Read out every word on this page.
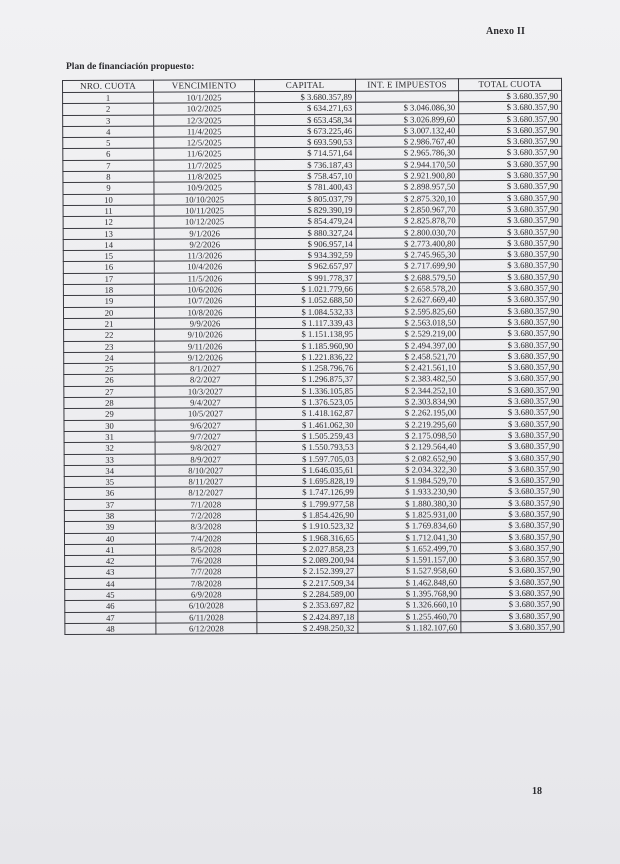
Anexo II
Plan de financiación propuesto:
NRO. CUOTA	VENCIMIENTO	CAPITAL	INT. E IMPUESTOS	TOTAL CUOTA
1	10/1/2025	$ 3.680.357,89		$ 3.680.357,90
2	10/2/2025	$ 634.271,63	$ 3.046.086,30	$ 3.680.357,90
3	12/3/2025	$ 653.458,34	$ 3.026.899,60	$ 3.680.357,90
4	11/4/2025	$ 673.225,46	$ 3.007.132,40	$ 3.680.357,90
5	12/5/2025	$ 693.590,53	$ 2.986.767,40	$ 3.680.357,90
6	11/6/2025	$ 714.571,64	$ 2.965.786,30	$ 3.680.357,90
7	11/7/2025	$ 736.187,43	$ 2.944.170,50	$ 3.680.357,90
8	11/8/2025	$ 758.457,10	$ 2.921.900,80	$ 3.680.357,90
9	10/9/2025	$ 781.400,43	$ 2.898.957,50	$ 3.680.357,90
10	10/10/2025	$ 805.037,79	$ 2.875.320,10	$ 3.680.357,90
11	10/11/2025	$ 829.390,19	$ 2.850.967,70	$ 3.680.357,90
12	10/12/2025	$ 854.479,24	$ 2.825.878,70	$ 3.680.357,90
13	9/1/2026	$ 880.327,24	$ 2.800.030,70	$ 3.680.357,90
14	9/2/2026	$ 906.957,14	$ 2.773.400,80	$ 3.680.357,90
15	11/3/2026	$ 934.392,59	$ 2.745.965,30	$ 3.680.357,90
16	10/4/2026	$ 962.657,97	$ 2.717.699,90	$ 3.680.357,90
17	11/5/2026	$ 991.778,37	$ 2.688.579,50	$ 3.680.357,90
18	10/6/2026	$ 1.021.779,66	$ 2.658.578,20	$ 3.680.357,90
19	10/7/2026	$ 1.052.688,50	$ 2.627.669,40	$ 3.680.357,90
20	10/8/2026	$ 1.084.532,33	$ 2.595.825,60	$ 3.680.357,90
21	9/9/2026	$ 1.117.339,43	$ 2.563.018,50	$ 3.680.357,90
22	9/10/2026	$ 1.151.138,95	$ 2.529.219,00	$ 3.680.357,90
23	9/11/2026	$ 1.185.960,90	$ 2.494.397,00	$ 3.680.357,90
24	9/12/2026	$ 1.221.836,22	$ 2.458.521,70	$ 3.680.357,90
25	8/1/2027	$ 1.258.796,76	$ 2.421.561,10	$ 3.680.357,90
26	8/2/2027	$ 1.296.875,37	$ 2.383.482,50	$ 3.680.357,90
27	10/3/2027	$ 1.336.105,85	$ 2.344.252,10	$ 3.680.357,90
28	9/4/2027	$ 1.376.523,05	$ 2.303.834,90	$ 3.680.357,90
29	10/5/2027	$ 1.418.162,87	$ 2.262.195,00	$ 3.680.357,90
30	9/6/2027	$ 1.461.062,30	$ 2.219.295,60	$ 3.680.357,90
31	9/7/2027	$ 1.505.259,43	$ 2.175.098,50	$ 3.680.357,90
32	9/8/2027	$ 1.550.793,53	$ 2.129.564,40	$ 3.680.357,90
33	8/9/2027	$ 1.597.705,03	$ 2.082.652,90	$ 3.680.357,90
34	8/10/2027	$ 1.646.035,61	$ 2.034.322,30	$ 3.680.357,90
35	8/11/2027	$ 1.695.828,19	$ 1.984.529,70	$ 3.680.357,90
36	8/12/2027	$ 1.747.126,99	$ 1.933.230,90	$ 3.680.357,90
37	7/1/2028	$ 1.799.977,58	$ 1.880.380,30	$ 3.680.357,90
38	7/2/2028	$ 1.854.426,90	$ 1.825.931,00	$ 3.680.357,90
39	8/3/2028	$ 1.910.523,32	$ 1.769.834,60	$ 3.680.357,90
40	7/4/2028	$ 1.968.316,65	$ 1.712.041,30	$ 3.680.357,90
41	8/5/2028	$ 2.027.858,23	$ 1.652.499,70	$ 3.680.357,90
42	7/6/2028	$ 2.089.200,94	$ 1.591.157,00	$ 3.680.357,90
43	7/7/2028	$ 2.152.399,27	$ 1.527.958,60	$ 3.680.357,90
44	7/8/2028	$ 2.217.509,34	$ 1.462.848,60	$ 3.680.357,90
45	6/9/2028	$ 2.284.589,00	$ 1.395.768,90	$ 3.680.357,90
46	6/10/2028	$ 2.353.697,82	$ 1.326.660,10	$ 3.680.357,90
47	6/11/2028	$ 2.424.897,18	$ 1.255.460,70	$ 3.680.357,90
48	6/12/2028	$ 2.498.250,32	$ 1.182.107,60	$ 3.680.357,90
18
